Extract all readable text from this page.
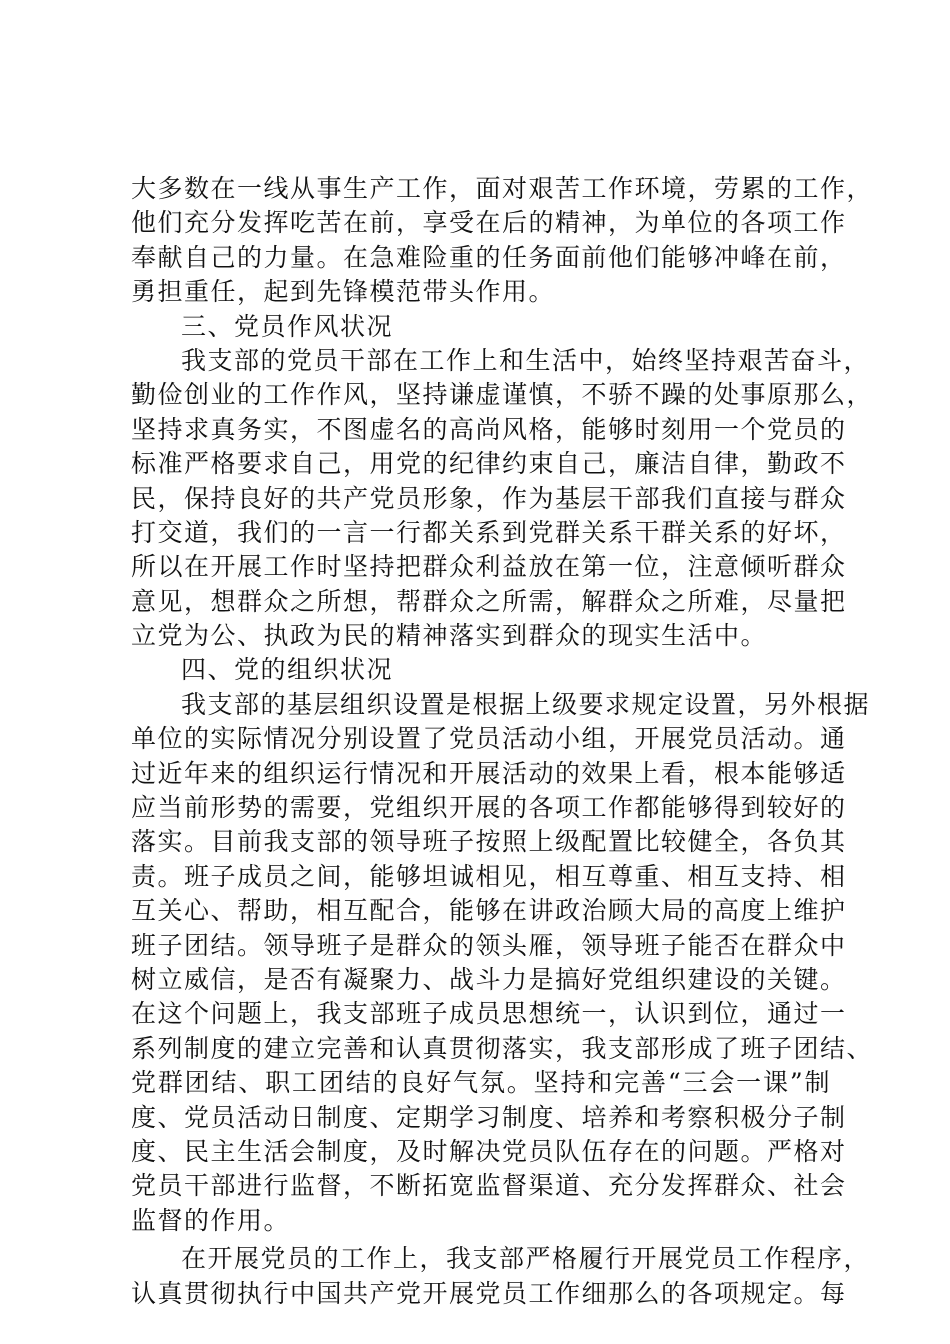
大多数在一线从事生产工作，面对艰苦工作环境，劳累的工作，
他们充分发挥吃苦在前，享受在后的精神，为单位的各项工作
奉献自己的力量。在急难险重的任务面前他们能够冲峰在前，
勇担重任，起到先锋模范带头作用。
三、党员作风状况
我支部的党员干部在工作上和生活中，始终坚持艰苦奋斗，
勤俭创业的工作作风，坚持谦虚谨慎，不骄不躁的处事原那么，
坚持求真务实，不图虚名的高尚风格，能够时刻用一个党员的
标准严格要求自己，用党的纪律约束自己，廉洁自律，勤政不
民，保持良好的共产党员形象，作为基层干部我们直接与群众
打交道，我们的一言一行都关系到党群关系干群关系的好坏，
所以在开展工作时坚持把群众利益放在第一位，注意倾听群众
意见，想群众之所想，帮群众之所需，解群众之所难，尽量把
立党为公、执政为民的精神落实到群众的现实生活中。
四、党的组织状况
我支部的基层组织设置是根据上级要求规定设置，另外根据
单位的实际情况分别设置了党员活动小组，开展党员活动。通
过近年来的组织运行情况和开展活动的效果上看，根本能够适
应当前形势的需要，党组织开展的各项工作都能够得到较好的
落实。目前我支部的领导班子按照上级配置比较健全，各负其
责。班子成员之间，能够坦诚相见，相互尊重、相互支持、相
互关心、帮助，相互配合，能够在讲政治顾大局的高度上维护
班子团结。领导班子是群众的领头雁，领导班子能否在群众中
树立威信，是否有凝聚力、战斗力是搞好党组织建设的关键。
在这个问题上，我支部班子成员思想统一，认识到位，通过一
系列制度的建立完善和认真贯彻落实，我支部形成了班子团结、
党群团结、职工团结的良好气氛。坚持和完善“三会一课”制
度、党员活动日制度、定期学习制度、培养和考察积极分子制
度、民主生活会制度，及时解决党员队伍存在的问题。严格对
党员干部进行监督，不断拓宽监督渠道、充分发挥群众、社会
监督的作用。
在开展党员的工作上，我支部严格履行开展党员工作程序，
认真贯彻执行中国共产党开展党员工作细那么的各项规定。每
